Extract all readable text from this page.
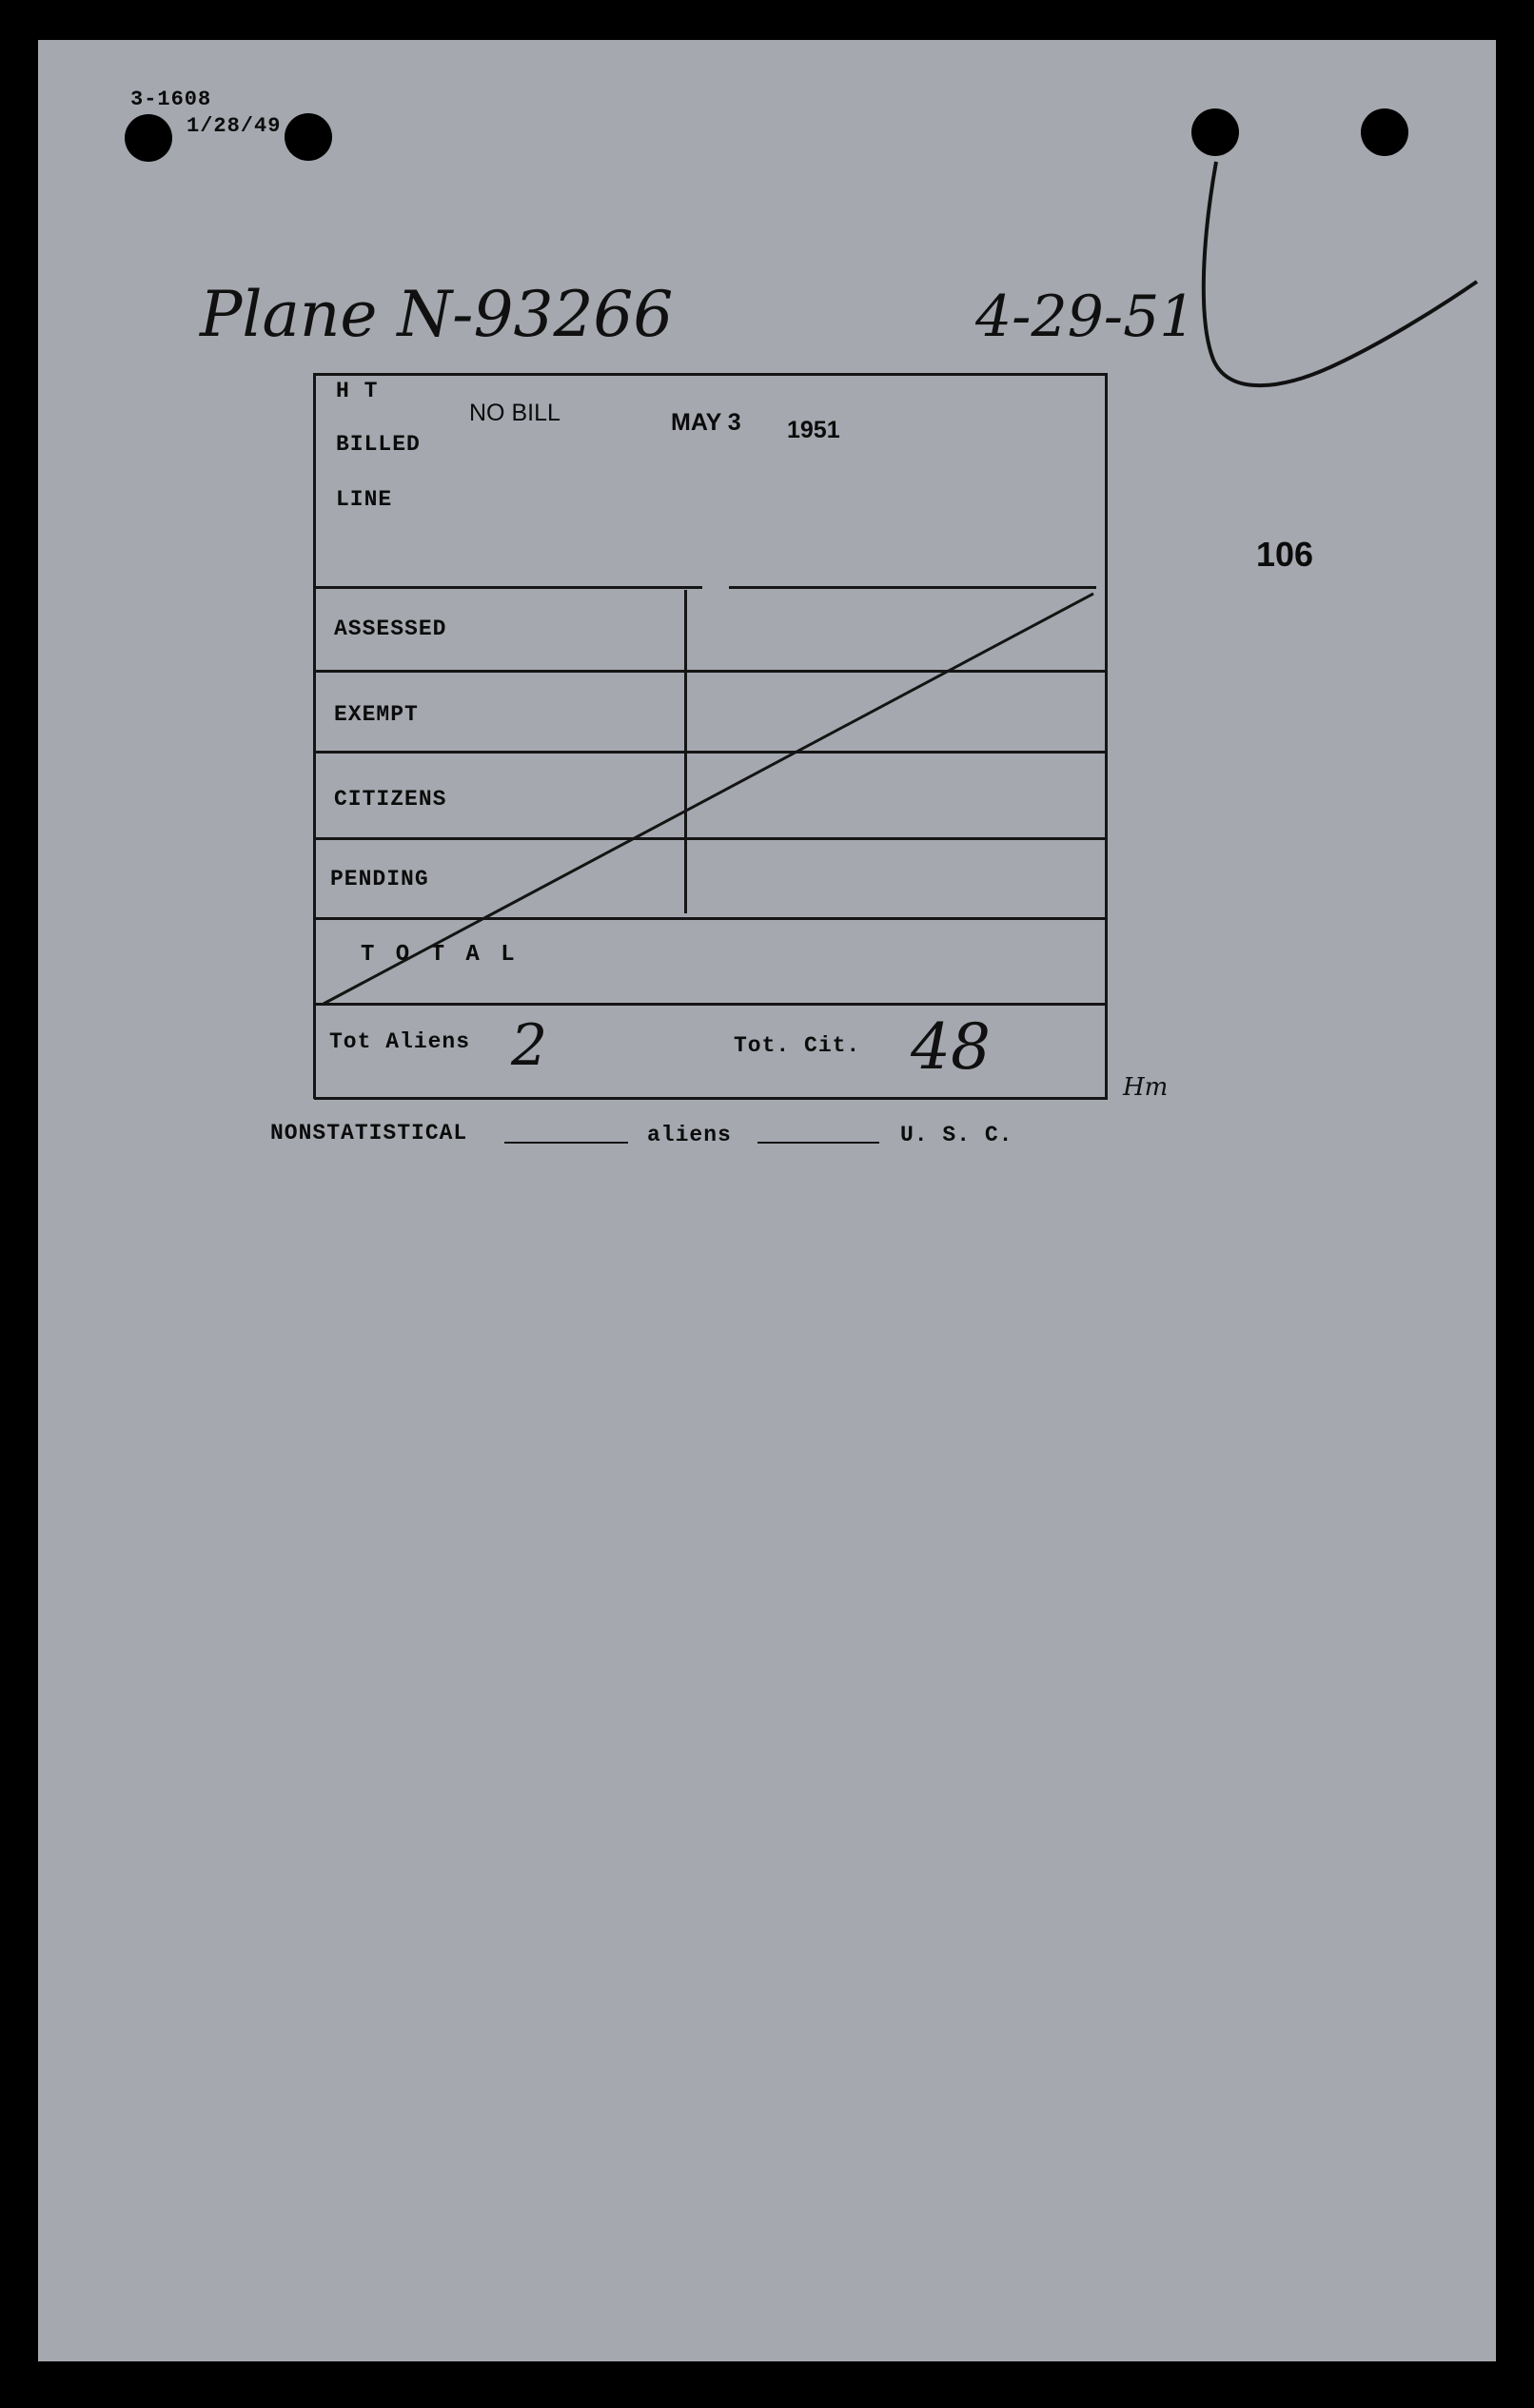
3-1608
1/28/49
Plane N-93266	4-29-51
106
H T
BILLED
LINE
NO BILL	MAY 3 1951
ASSESSED
EXEMPT
CITIZENS
PENDING
T O T A L
Tot Aliens 2	Tot. Cit. 48
Hm
NONSTATISTICAL	aliens	U. S. C.
